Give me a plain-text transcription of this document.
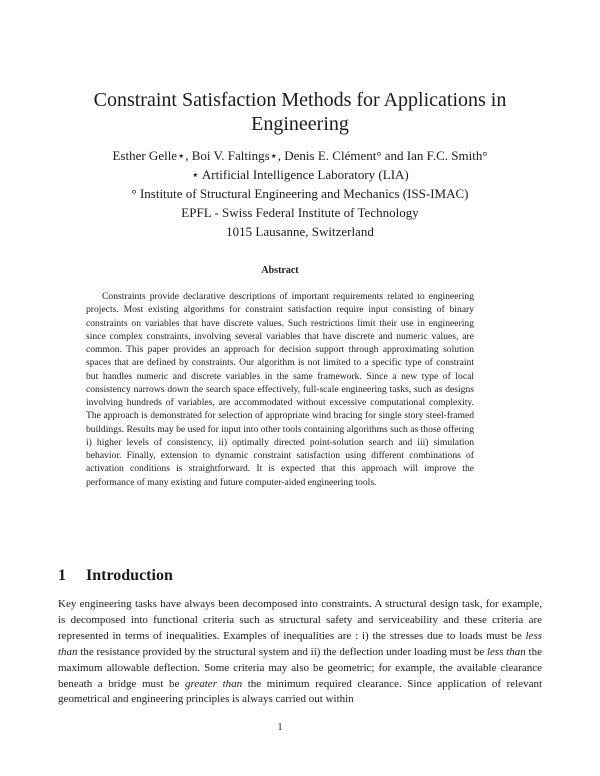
Constraint Satisfaction Methods for Applications in
Engineering
Esther Gelle⋆, Boi V. Faltings⋆, Denis E. Clément° and Ian F.C. Smith°
⋆ Artificial Intelligence Laboratory (LIA)
° Institute of Structural Engineering and Mechanics (ISS-IMAC)
EPFL - Swiss Federal Institute of Technology
1015 Lausanne, Switzerland
Abstract

Constraints provide declarative descriptions of important requirements related to engineering projects. Most existing algorithms for constraint satisfaction require input consisting of binary constraints on variables that have discrete values. Such restrictions limit their use in engineering since complex constraints, involving several variables that have discrete and numeric values, are common. This paper provides an approach for decision support through approximating solution spaces that are defined by constraints. Our algorithm is not limited to a specific type of constraint but handles numeric and discrete variables in the same framework. Since a new type of local consistency narrows down the search space effectively, full-scale engineering tasks, such as designs involving hundreds of variables, are accommodated without excessive computational complexity. The approach is demonstrated for selection of appropriate wind bracing for single story steel-framed buildings. Results may be used for input into other tools containing algorithms such as those offering i) higher levels of consistency, ii) optimally directed point-solution search and iii) simulation behavior. Finally, extension to dynamic constraint satisfaction using different combinations of activation conditions is straightforward. It is expected that this approach will improve the performance of many existing and future computer-aided engineering tools.

1 Introduction

Key engineering tasks have always been decomposed into constraints. A structural design task, for example, is decomposed into functional criteria such as structural safety and serviceability and these criteria are represented in terms of inequalities. Examples of inequalities are : i) the stresses due to loads must be less than the resistance provided by the structural system and ii) the deflection under loading must be less than the maximum allowable deflection. Some criteria may also be geometric; for example, the available clearance beneath a bridge must be greater than the minimum required clearance. Since application of relevant geometrical and engineering principles is always carried out within

1
